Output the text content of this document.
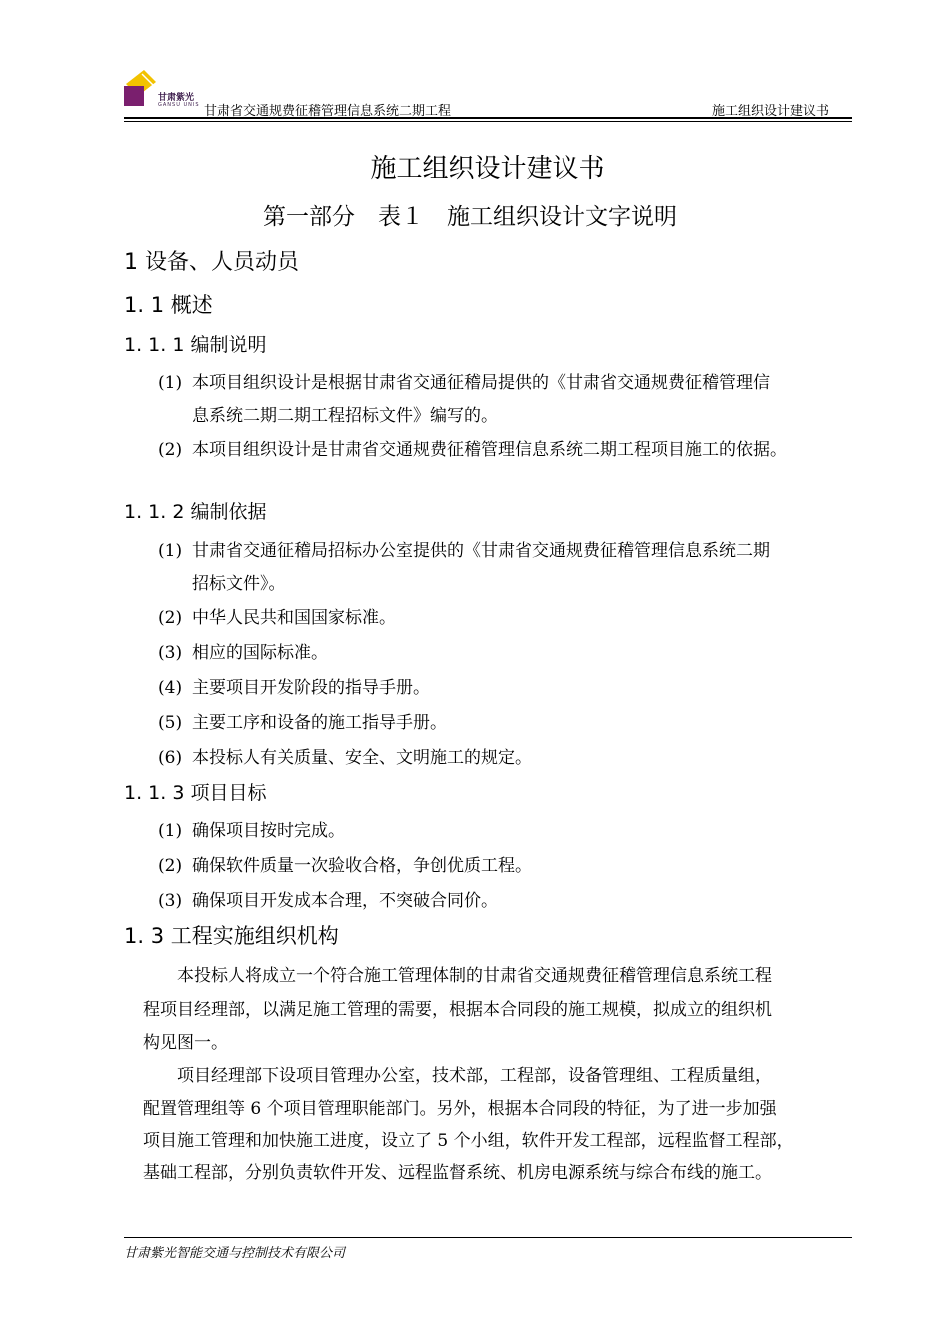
甘肃紫光
GANSU UNIS 甘肃省交通规费征稽管理信息系统二期工程	施工组织设计建议书
施工组织设计建议书
第一部分　表１　施工组织设计文字说明
1 设备、人员动员
1. 1 概述
1. 1. 1 编制说明
(1) 本项目组织设计是根据甘肃省交通征稽局提供的《甘肃省交通规费征稽管理信
息系统二期二期工程招标文件》编写的。
(2) 本项目组织设计是甘肃省交通规费征稽管理信息系统二期工程项目施工的依据。
1. 1. 2 编制依据
(1) 甘肃省交通征稽局招标办公室提供的《甘肃省交通规费征稽管理信息系统二期
招标文件》。
(2) 中华人民共和国国家标准。
(3) 相应的国际标准。
(4) 主要项目开发阶段的指导手册。
(5) 主要工序和设备的施工指导手册。
(6) 本投标人有关质量、安全、文明施工的规定。
1. 1. 3 项目目标
(1) 确保项目按时完成。
(2) 确保软件质量一次验收合格，争创优质工程。
(3) 确保项目开发成本合理，不突破合同价。
1. 3 工程实施组织机构
　　本投标人将成立一个符合施工管理体制的甘肃省交通规费征稽管理信息系统工程
程项目经理部，以满足施工管理的需要，根据本合同段的施工规模，拟成立的组织机
构见图一。
　　项目经理部下设项目管理办公室，技术部，工程部，设备管理组、工程质量组，
配置管理组等 6 个项目管理职能部门。另外，根据本合同段的特征，为了进一步加强
项目施工管理和加快施工进度，设立了 5 个小组，软件开发工程部，远程监督工程部，
基础工程部，分别负责软件开发、远程监督系统、机房电源系统与综合布线的施工。
甘肃紫光智能交通与控制技术有限公司
